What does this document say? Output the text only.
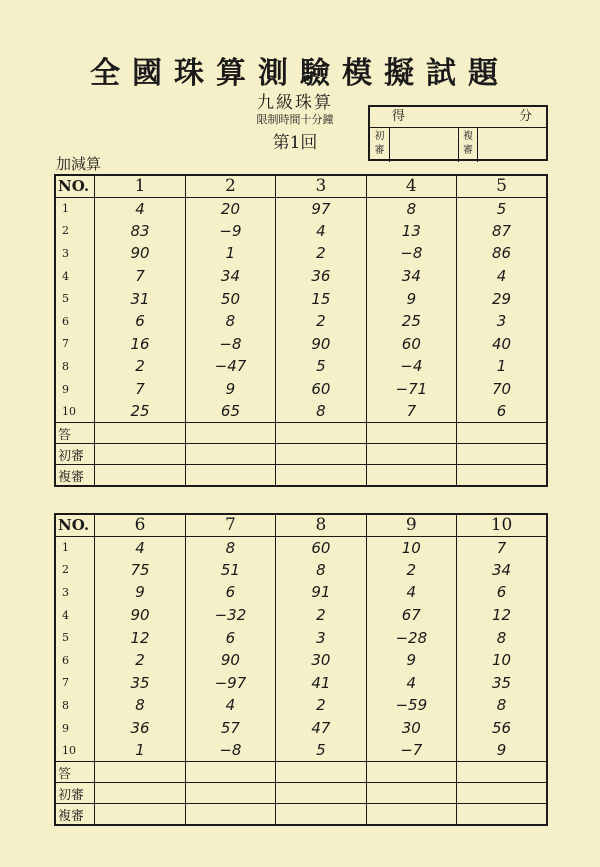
全國珠算測驗模擬試題
九級珠算
限制時間十分鐘
第1回
得	分
初審
複審
加減算
NO.	1	2	3	4	5
1	4	20	97	8	5
2	83	−9	4	13	87
3	90	1	2	−8	86
4	7	34	36	34	4
5	31	50	15	9	29
6	6	8	2	25	3
7	16	−8	90	60	40
8	2	−47	5	−4	1
9	7	9	60	−71	70
10	25	65	8	7	6
答					
初審					
複審					
NO.	6	7	8	9	10
1	4	8	60	10	7
2	75	51	8	2	34
3	9	6	91	4	6
4	90	−32	2	67	12
5	12	6	3	−28	8
6	2	90	30	9	10
7	35	−97	41	4	35
8	8	4	2	−59	8
9	36	57	47	30	56
10	1	−8	5	−7	9
答					
初審					
複審					
